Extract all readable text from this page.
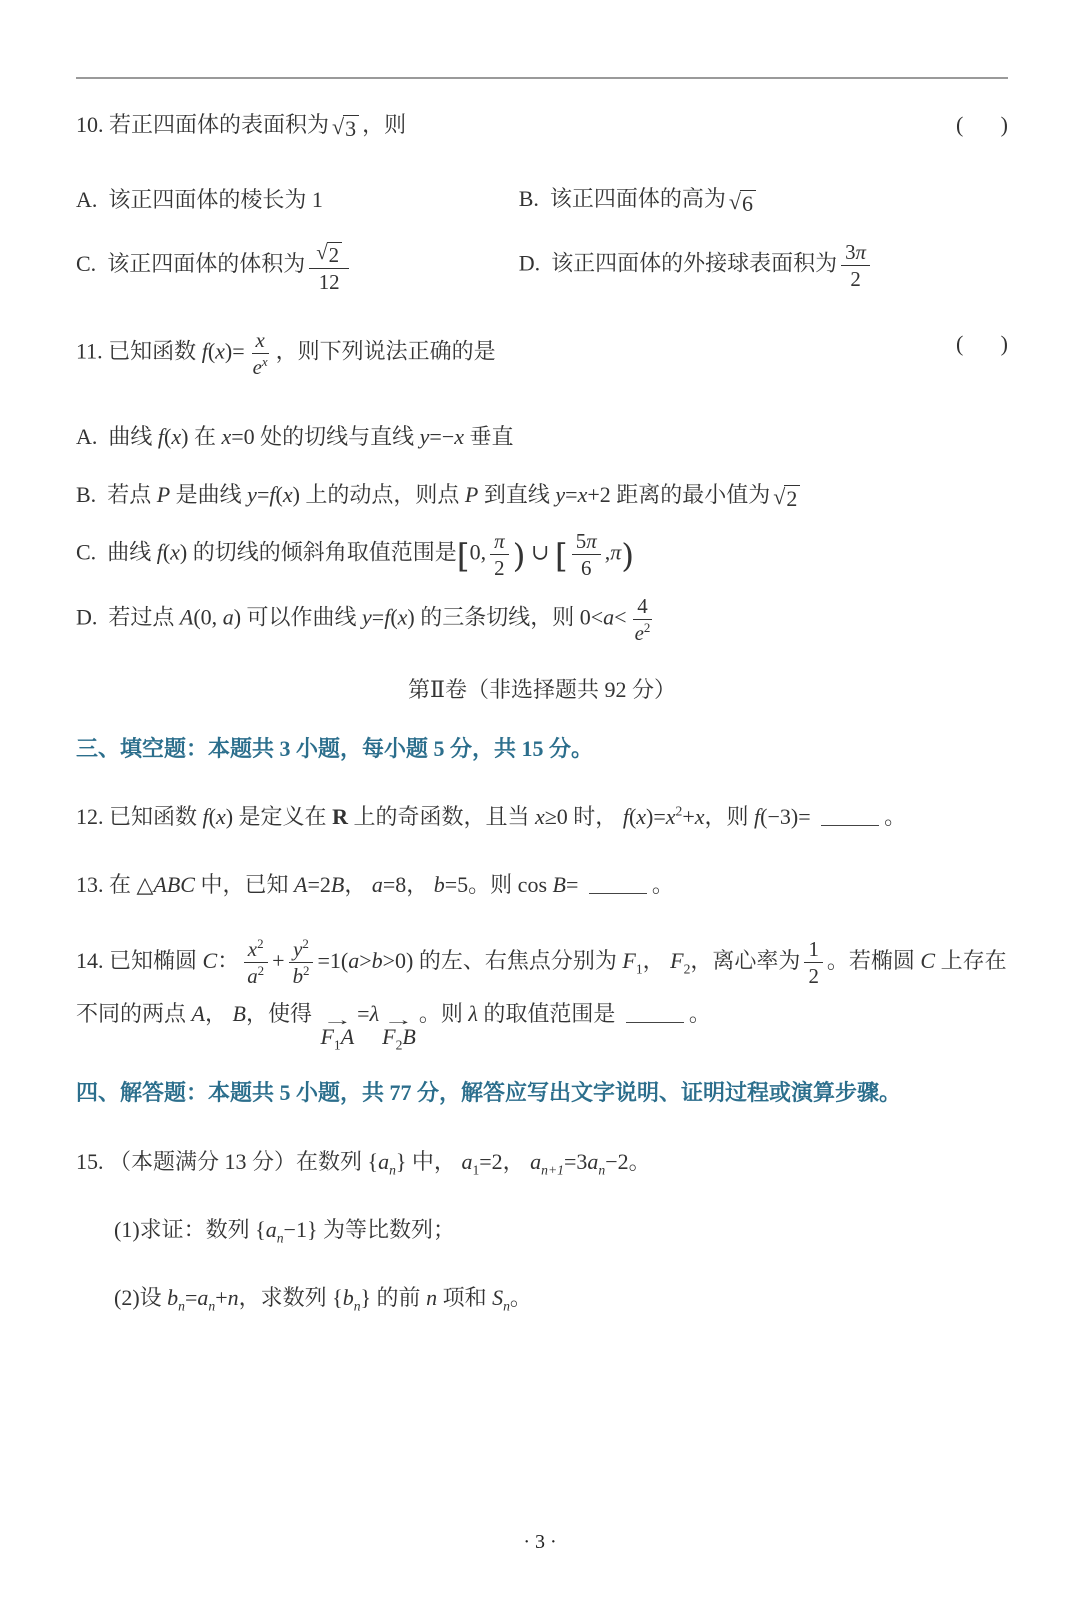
10. 若正四面体的表面积为 √ 3 ，则	( )
A. 该正四面体的棱长为 1	B. 该正四面体的高为 √ 6
C. 该正四面体的体积为 $\frac{√ 2}{12}$	D. 该正四面体的外接球表面积为 $\frac{3\pi}{2}$
11. 已知函数 $f(x)= \frac{x}{e^x}$ ，则下列说法正确的是	( )
A. 曲线 f(x) 在 x=0 处的切线与直线 y=−x 垂直
B. 若点 P 是曲线 y=f(x) 上的动点，则点 P 到直线 y=x+2 距离的最小值为 √ 2
C. 曲线 f(x) 的切线的倾斜角取值范围是[0, $\frac{\pi}{2}$ ) ∪ [ $\frac{5\pi}{6} ,\pi$)
D. 若过点 A(0, a) 可以作曲线 y=f(x) 的三条切线，则 $0<a< \frac{4}{e^2}$
第Ⅱ卷（非选择题共 92 分）
三、填空题：本题共 3 小题，每小题 5 分，共 15 分。
12. 已知函数 f(x) 是定义在 R 上的奇函数，且当 x≥0 时， $f(x)=x^2+x$，则 f(−3)=	。
13. 在 △ABC 中，已知 A=2B， a=8， b=5。则 cos B=	。
14. 已知椭圆 C： $\frac{x^2}{a^2} + \frac{y^2}{b^2} =1(a>b>0)$ 的左、右焦点分别为 $F_1$， $F_2$，离心率为 $\frac{1}{2}$ 。若椭圆 C 上存在不同的两点 A， B，使得 →
$F_1A$
=λ →
$F_2B$
。则 λ 的取值范围是	。
四、解答题：本题共 5 小题，共 77 分，解答应写出文字说明、证明过程或演算步骤。
15. （本题满分 13 分）在数列 $\{a_n\}$ 中， $a_1=2$， $a_{n+1}=3a_n-2$。
(1)求证：数列 $\{a_n-1\}$ 为等比数列；
(2)设 $b_n=a_n+n$，求数列 $\{b_n\}$ 的前 n 项和 $S_n$。
· 3 ·
